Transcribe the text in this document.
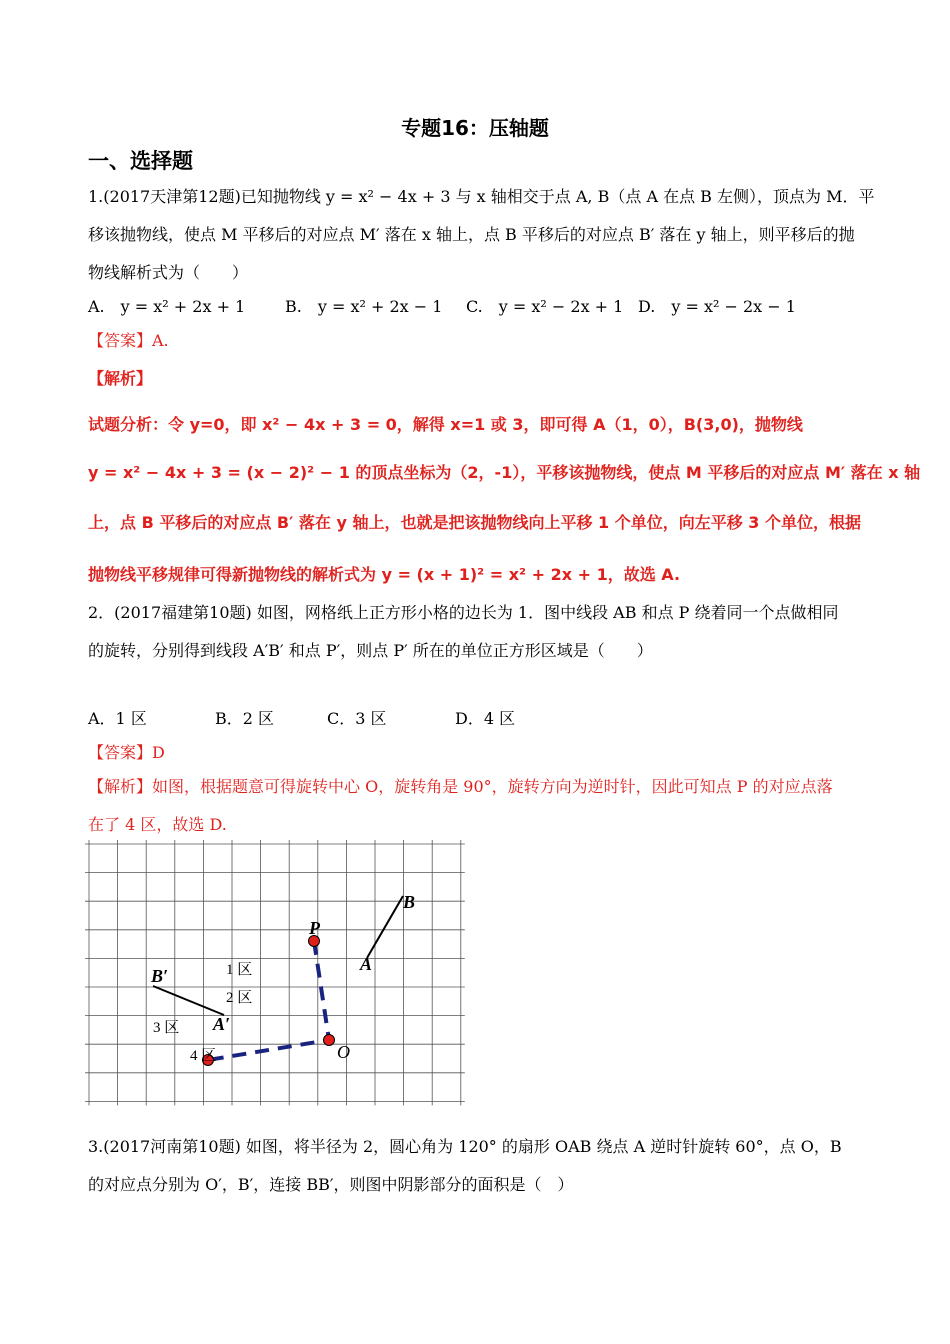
专题16：压轴题
一、选择题
1.(2017天津第12题)已知抛物线 y = x² − 4x + 3 与 x 轴相交于点 A, B（点 A 在点 B 左侧），顶点为 M．平
移该抛物线，使点 M 平移后的对应点 M′ 落在 x 轴上，点 B 平移后的对应点 B′ 落在 y 轴上，则平移后的抛
物线解析式为（　　）
A.　y = x² + 2x + 1 B.　y = x² + 2x − 1 C.　y = x² − 2x + 1 D.　y = x² − 2x − 1
【答案】A.
【解析】
试题分析：令 y=0，即 x² − 4x + 3 = 0，解得 x=1 或 3，即可得 A（1，0），B(3,0)，抛物线
y = x² − 4x + 3 = (x − 2)² − 1 的顶点坐标为（2，-1），平移该抛物线，使点 M 平移后的对应点 M′ 落在 x 轴
上，点 B 平移后的对应点 B′ 落在 y 轴上，也就是把该抛物线向上平移 1 个单位，向左平移 3 个单位，根据
抛物线平移规律可得新抛物线的解析式为 y = (x + 1)² = x² + 2x + 1，故选 A.
2．(2017福建第10题) 如图，网格纸上正方形小格的边长为 1．图中线段 AB 和点 P 绕着同一个点做相同
的旋转，分别得到线段 A′B′ 和点 P′，则点 P′ 所在的单位正方形区域是（　　）
A．1 区	B．2 区	C．3 区	D．4 区
【答案】D
【解析】如图，根据题意可得旋转中心 O，旋转角是 90°，旋转方向为逆时针，因此可知点 P 的对应点落
在了 4 区，故选 D.
B
P
A
B′
A′
O
1 区
2 区
3 区
4 区
3.(2017河南第10题) 如图，将半径为 2，圆心角为 120° 的扇形 OAB 绕点 A 逆时针旋转 60°，点 O，B
的对应点分别为 O′，B′，连接 BB′，则图中阴影部分的面积是（　）
